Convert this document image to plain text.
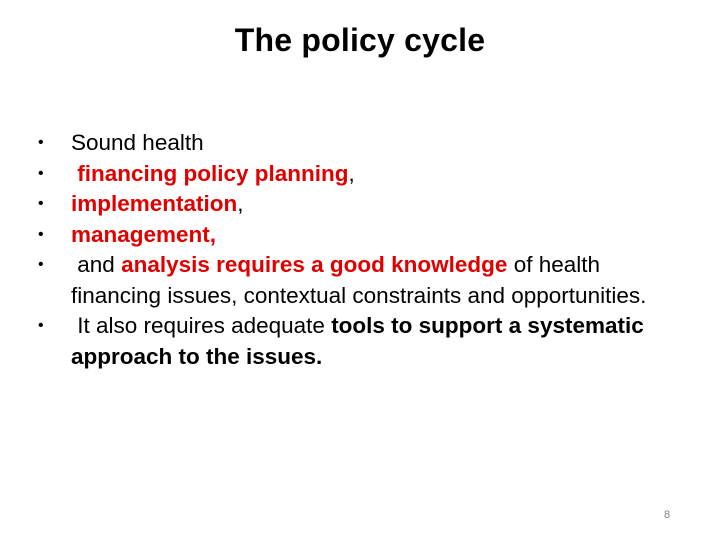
The policy cycle
•	Sound health
•	financing policy planning,
•	implementation,
•	management,
•	and analysis requires a good knowledge of health financing issues, contextual constraints and opportunities.
•	It also requires adequate tools to support a systematic approach to the issues.
8
